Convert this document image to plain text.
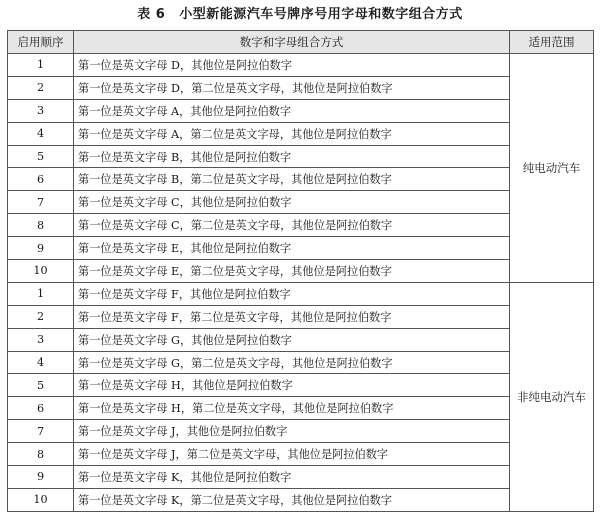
表 6 小型新能源汽车号牌序号用字母和数字组合方式
启用顺序	数字和字母组合方式	适用范围
1	第一位是英文字母 D，其他位是阿拉伯数字	纯电动汽车
2	第一位是英文字母 D，第二位是英文字母，其他位是阿拉伯数字	
3	第一位是英文字母 A，其他位是阿拉伯数字	
4	第一位是英文字母 A，第二位是英文字母，其他位是阿拉伯数字	
5	第一位是英文字母 B，其他位是阿拉伯数字	
6	第一位是英文字母 B，第二位是英文字母，其他位是阿拉伯数字	
7	第一位是英文字母 C，其他位是阿拉伯数字	
8	第一位是英文字母 C，第二位是英文字母，其他位是阿拉伯数字	
9	第一位是英文字母 E，其他位是阿拉伯数字	
10	第一位是英文字母 E，第二位是英文字母，其他位是阿拉伯数字	
1	第一位是英文字母 F，其他位是阿拉伯数字	非纯电动汽车
2	第一位是英文字母 F，第二位是英文字母，其他位是阿拉伯数字	
3	第一位是英文字母 G，其他位是阿拉伯数字	
4	第一位是英文字母 G，第二位是英文字母，其他位是阿拉伯数字	
5	第一位是英文字母 H，其他位是阿拉伯数字	
6	第一位是英文字母 H，第二位是英文字母，其他位是阿拉伯数字	
7	第一位是英文字母 J，其他位是阿拉伯数字	
8	第一位是英文字母 J，第二位是英文字母，其他位是阿拉伯数字	
9	第一位是英文字母 K，其他位是阿拉伯数字	
10	第一位是英文字母 K，第二位是英文字母，其他位是阿拉伯数字	
